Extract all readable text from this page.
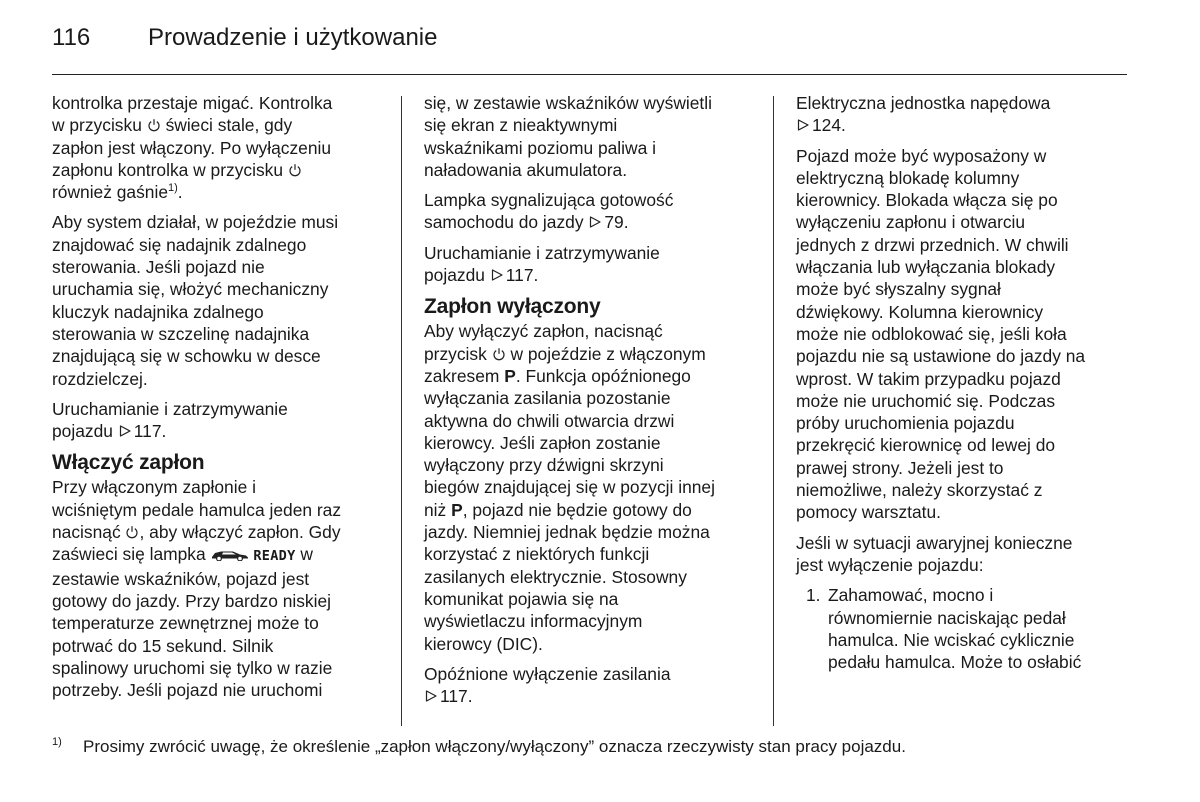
116 Prowadzenie i użytkowanie

kontrolka przestaje migać. Kontrolka
w przycisku świeci stale, gdy
zapłon jest włączony. Po wyłączeniu
zapłonu kontrolka w przycisku
również gaśnie$^{1)}$.

Aby system działał, w pojeździe musi
znajdować się nadajnik zdalnego
sterowania. Jeśli pojazd nie
uruchamia się, włożyć mechaniczny
kluczyk nadajnika zdalnego
sterowania w szczelinę nadajnika
znajdującą się w schowku w desce
rozdzielczej.

Uruchamianie i zatrzymywanie
pojazdu 117.

Włączyć zapłon

Przy włączonym zapłonie i
wciśniętym pedale hamulca jeden raz
nacisnąć , aby włączyć zapłon. Gdy
zaświeci się lampka	READY w
zestawie wskaźników, pojazd jest
gotowy do jazdy. Przy bardzo niskiej
temperaturze zewnętrznej może to
potrwać do 15 sekund. Silnik
spalinowy uruchomi się tylko w razie
potrzeby. Jeśli pojazd nie uruchomi

się, w zestawie wskaźników wyświetli
się ekran z nieaktywnymi
wskaźnikami poziomu paliwa i
naładowania akumulatora.

Lampka sygnalizująca gotowość
samochodu do jazdy 79.

Uruchamianie i zatrzymywanie
pojazdu 117.

Zapłon wyłączony

Aby wyłączyć zapłon, nacisnąć
przycisk w pojeździe z włączonym
zakresem P. Funkcja opóźnionego
wyłączania zasilania pozostanie
aktywna do chwili otwarcia drzwi
kierowcy. Jeśli zapłon zostanie
wyłączony przy dźwigni skrzyni
biegów znajdującej się w pozycji innej
niż P, pojazd nie będzie gotowy do
jazdy. Niemniej jednak będzie można
korzystać z niektórych funkcji
zasilanych elektrycznie. Stosowny
komunikat pojawia się na
wyświetlaczu informacyjnym
kierowcy (DIC).

Opóźnione wyłączenie zasilania
117.

Elektryczna jednostka napędowa
124.

Pojazd może być wyposażony w
elektryczną blokadę kolumny
kierownicy. Blokada włącza się po
wyłączeniu zapłonu i otwarciu
jednych z drzwi przednich. W chwili
włączania lub wyłączania blokady
może być słyszalny sygnał
dźwiękowy. Kolumna kierownicy
może nie odblokować się, jeśli koła
pojazdu nie są ustawione do jazdy na
wprost. W takim przypadku pojazd
może nie uruchomić się. Podczas
próby uruchomienia pojazdu
przekręcić kierownicę od lewej do
prawej strony. Jeżeli jest to
niemożliwe, należy skorzystać z
pomocy warsztatu.

Jeśli w sytuacji awaryjnej konieczne
jest wyłączenie pojazdu:

1. Zahamować, mocno i
równomiernie naciskając pedał
hamulca. Nie wciskać cyklicznie
pedału hamulca. Może to osłabić
1) Prosimy zwrócić uwagę, że określenie „zapłon włączony/wyłączony” oznacza rzeczywisty stan pracy pojazdu.
